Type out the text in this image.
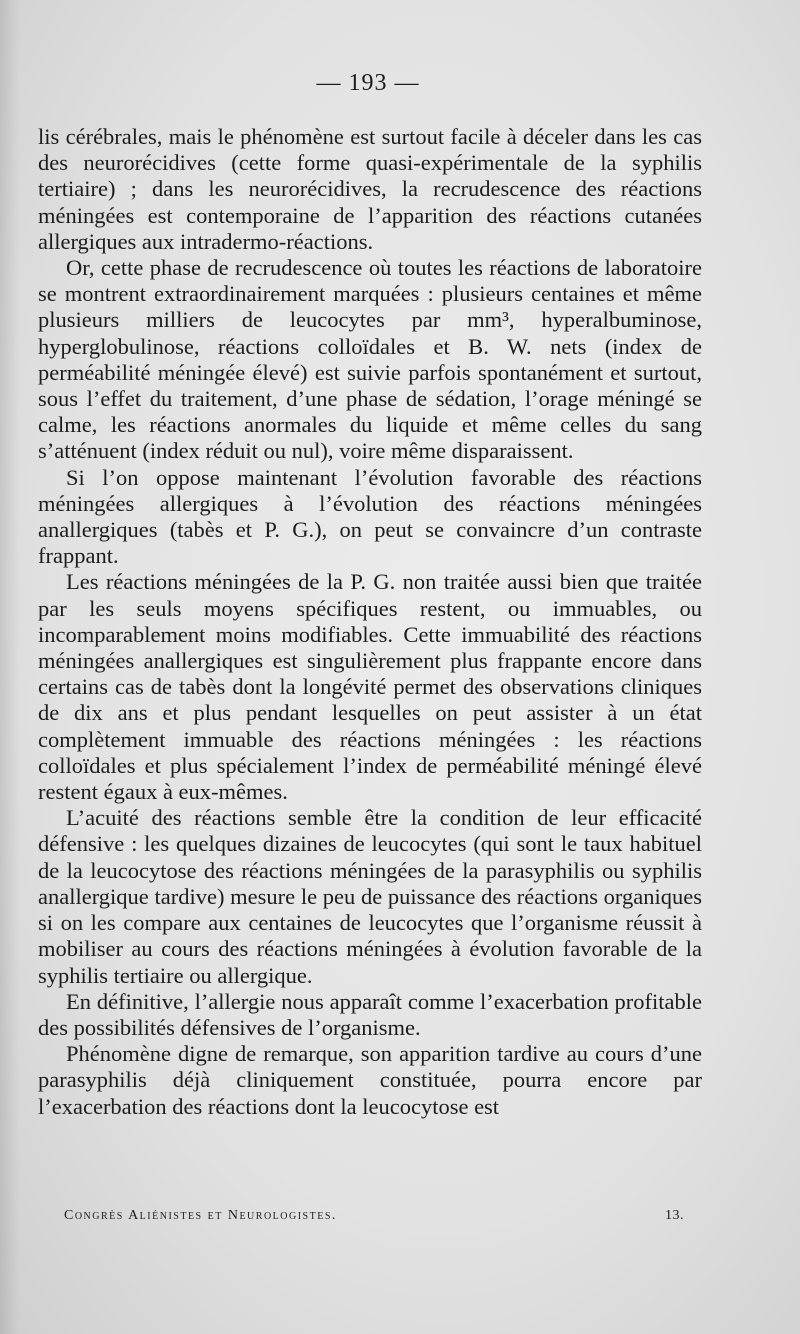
— 193 —

lis cérébrales, mais le phénomène est surtout facile à déceler dans les cas des neurorécidives (cette forme quasi-expérimentale de la syphilis tertiaire) ; dans les neurorécidives, la recrudescence des réactions méningées est contemporaine de l’apparition des réactions cutanées allergiques aux intradermo-réactions.

Or, cette phase de recrudescence où toutes les réactions de laboratoire se montrent extraordinairement marquées : plusieurs centaines et même plusieurs milliers de leucocytes par mm³, hyperalbuminose, hyperglobulinose, réactions colloïdales et B. W. nets (index de perméabilité méningée élevé) est suivie parfois spontanément et surtout, sous l’effet du traitement, d’une phase de sédation, l’orage méningé se calme, les réactions anormales du liquide et même celles du sang s’atténuent (index réduit ou nul), voire même disparaissent.

Si l’on oppose maintenant l’évolution favorable des réactions méningées allergiques à l’évolution des réactions méningées anallergiques (tabès et P. G.), on peut se convaincre d’un contraste frappant.

Les réactions méningées de la P. G. non traitée aussi bien que traitée par les seuls moyens spécifiques restent, ou immuables, ou incomparablement moins modifiables. Cette immuabilité des réactions méningées anallergiques est singulièrement plus frappante encore dans certains cas de tabès dont la longévité permet des observations cliniques de dix ans et plus pendant lesquelles on peut assister à un état complètement immuable des réactions méningées : les réactions colloïdales et plus spécialement l’index de perméabilité méningé élevé restent égaux à eux-mêmes.

L’acuité des réactions semble être la condition de leur efficacité défensive : les quelques dizaines de leucocytes (qui sont le taux habituel de la leucocytose des réactions méningées de la parasyphilis ou syphilis anallergique tardive) mesure le peu de puissance des réactions organiques si on les compare aux centaines de leucocytes que l’organisme réussit à mobiliser au cours des réactions méningées à évolution favorable de la syphilis tertiaire ou allergique.

En définitive, l’allergie nous apparaît comme l’exacerbation profitable des possibilités défensives de l’organisme.

Phénomène digne de remarque, son apparition tardive au cours d’une parasyphilis déjà cliniquement constituée, pourra encore par l’exacerbation des réactions dont la leucocytose est

Congrès Aliénistes et Neurologistes.	13.
